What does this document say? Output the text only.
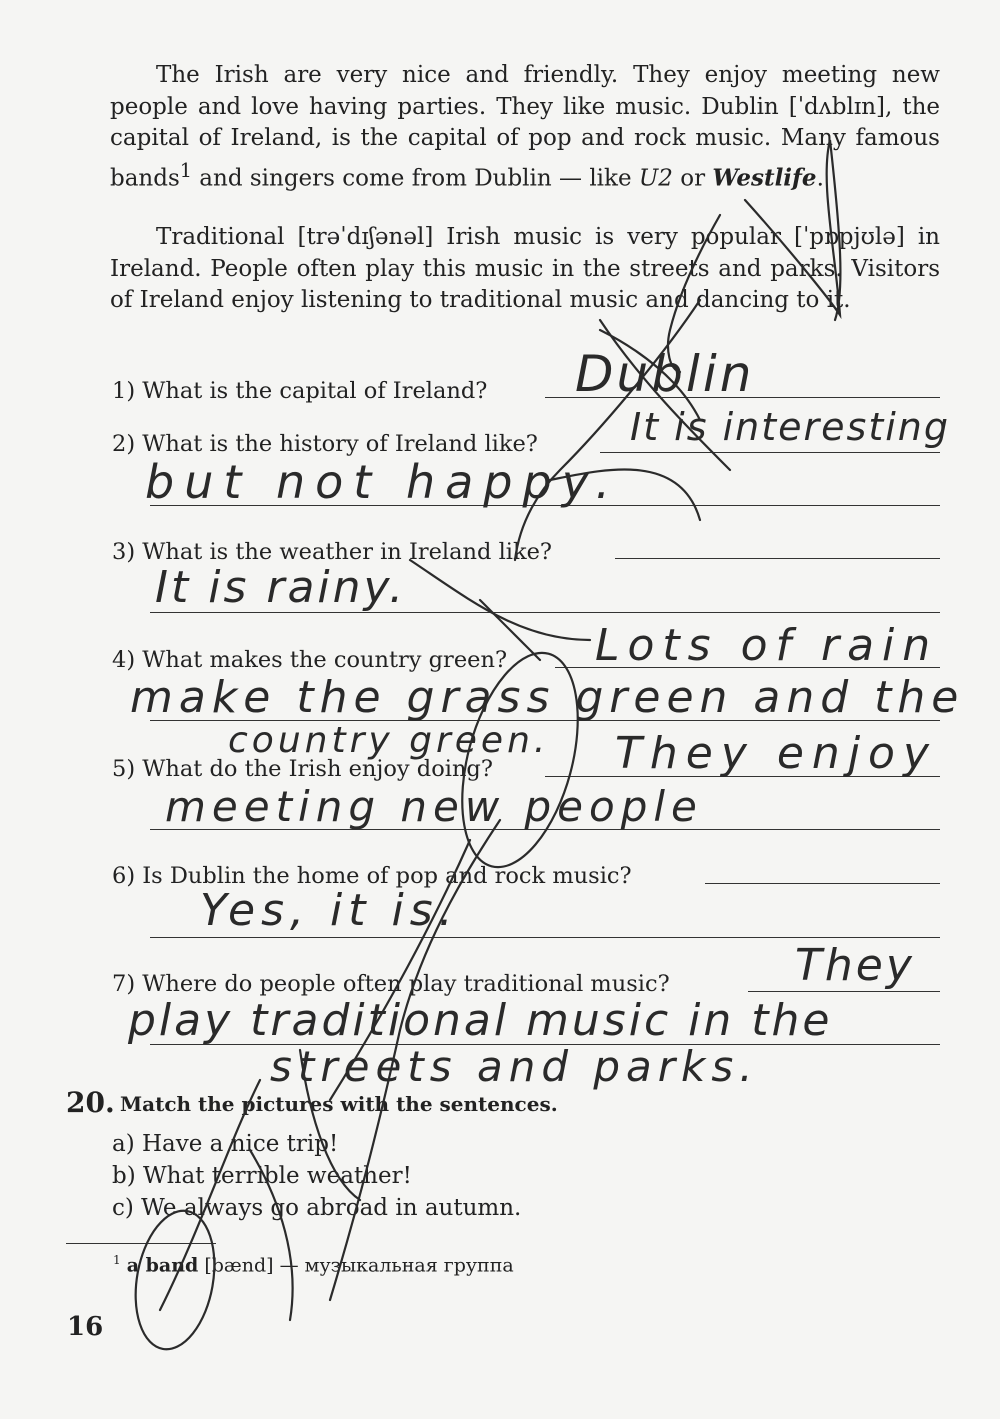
The Irish are very nice and friendly. They enjoy meeting new people and love having parties. They like music. Dublin [ˈdʌblɪn], the capital of Ireland, is the capital of pop and rock music. Many famous bands$^1$ and singers come from Dublin — like U2 or Westlife.

Traditional [trəˈdɪʃənəl] Irish music is very popular [ˈpɒpjʊlə] in Ireland. People often play this music in the streets and parks. Visitors of Ireland enjoy listening to traditional music and dancing to it.

1) What is the capital of Ireland? Dublin
2) What is the history of Ireland like? It is interesting
but not happy.
3) What is the weather in Ireland like?
It is rainy.
4) What makes the country green? Lots of rain
make the grass green and the
country green.
5) What do the Irish enjoy doing?	They enjoy
meeting new people
6) Is Dublin the home of pop and rock music?
Yes, it is.
7) Where do people often play traditional music?	They
play traditional music in the
streets and parks.
20. Match the pictures with the sentences.
a) Have a nice trip!
b) What terrible weather!
c) We always go abroad in autumn.
$^1$ a band [bænd] — музыкальная группа
16
